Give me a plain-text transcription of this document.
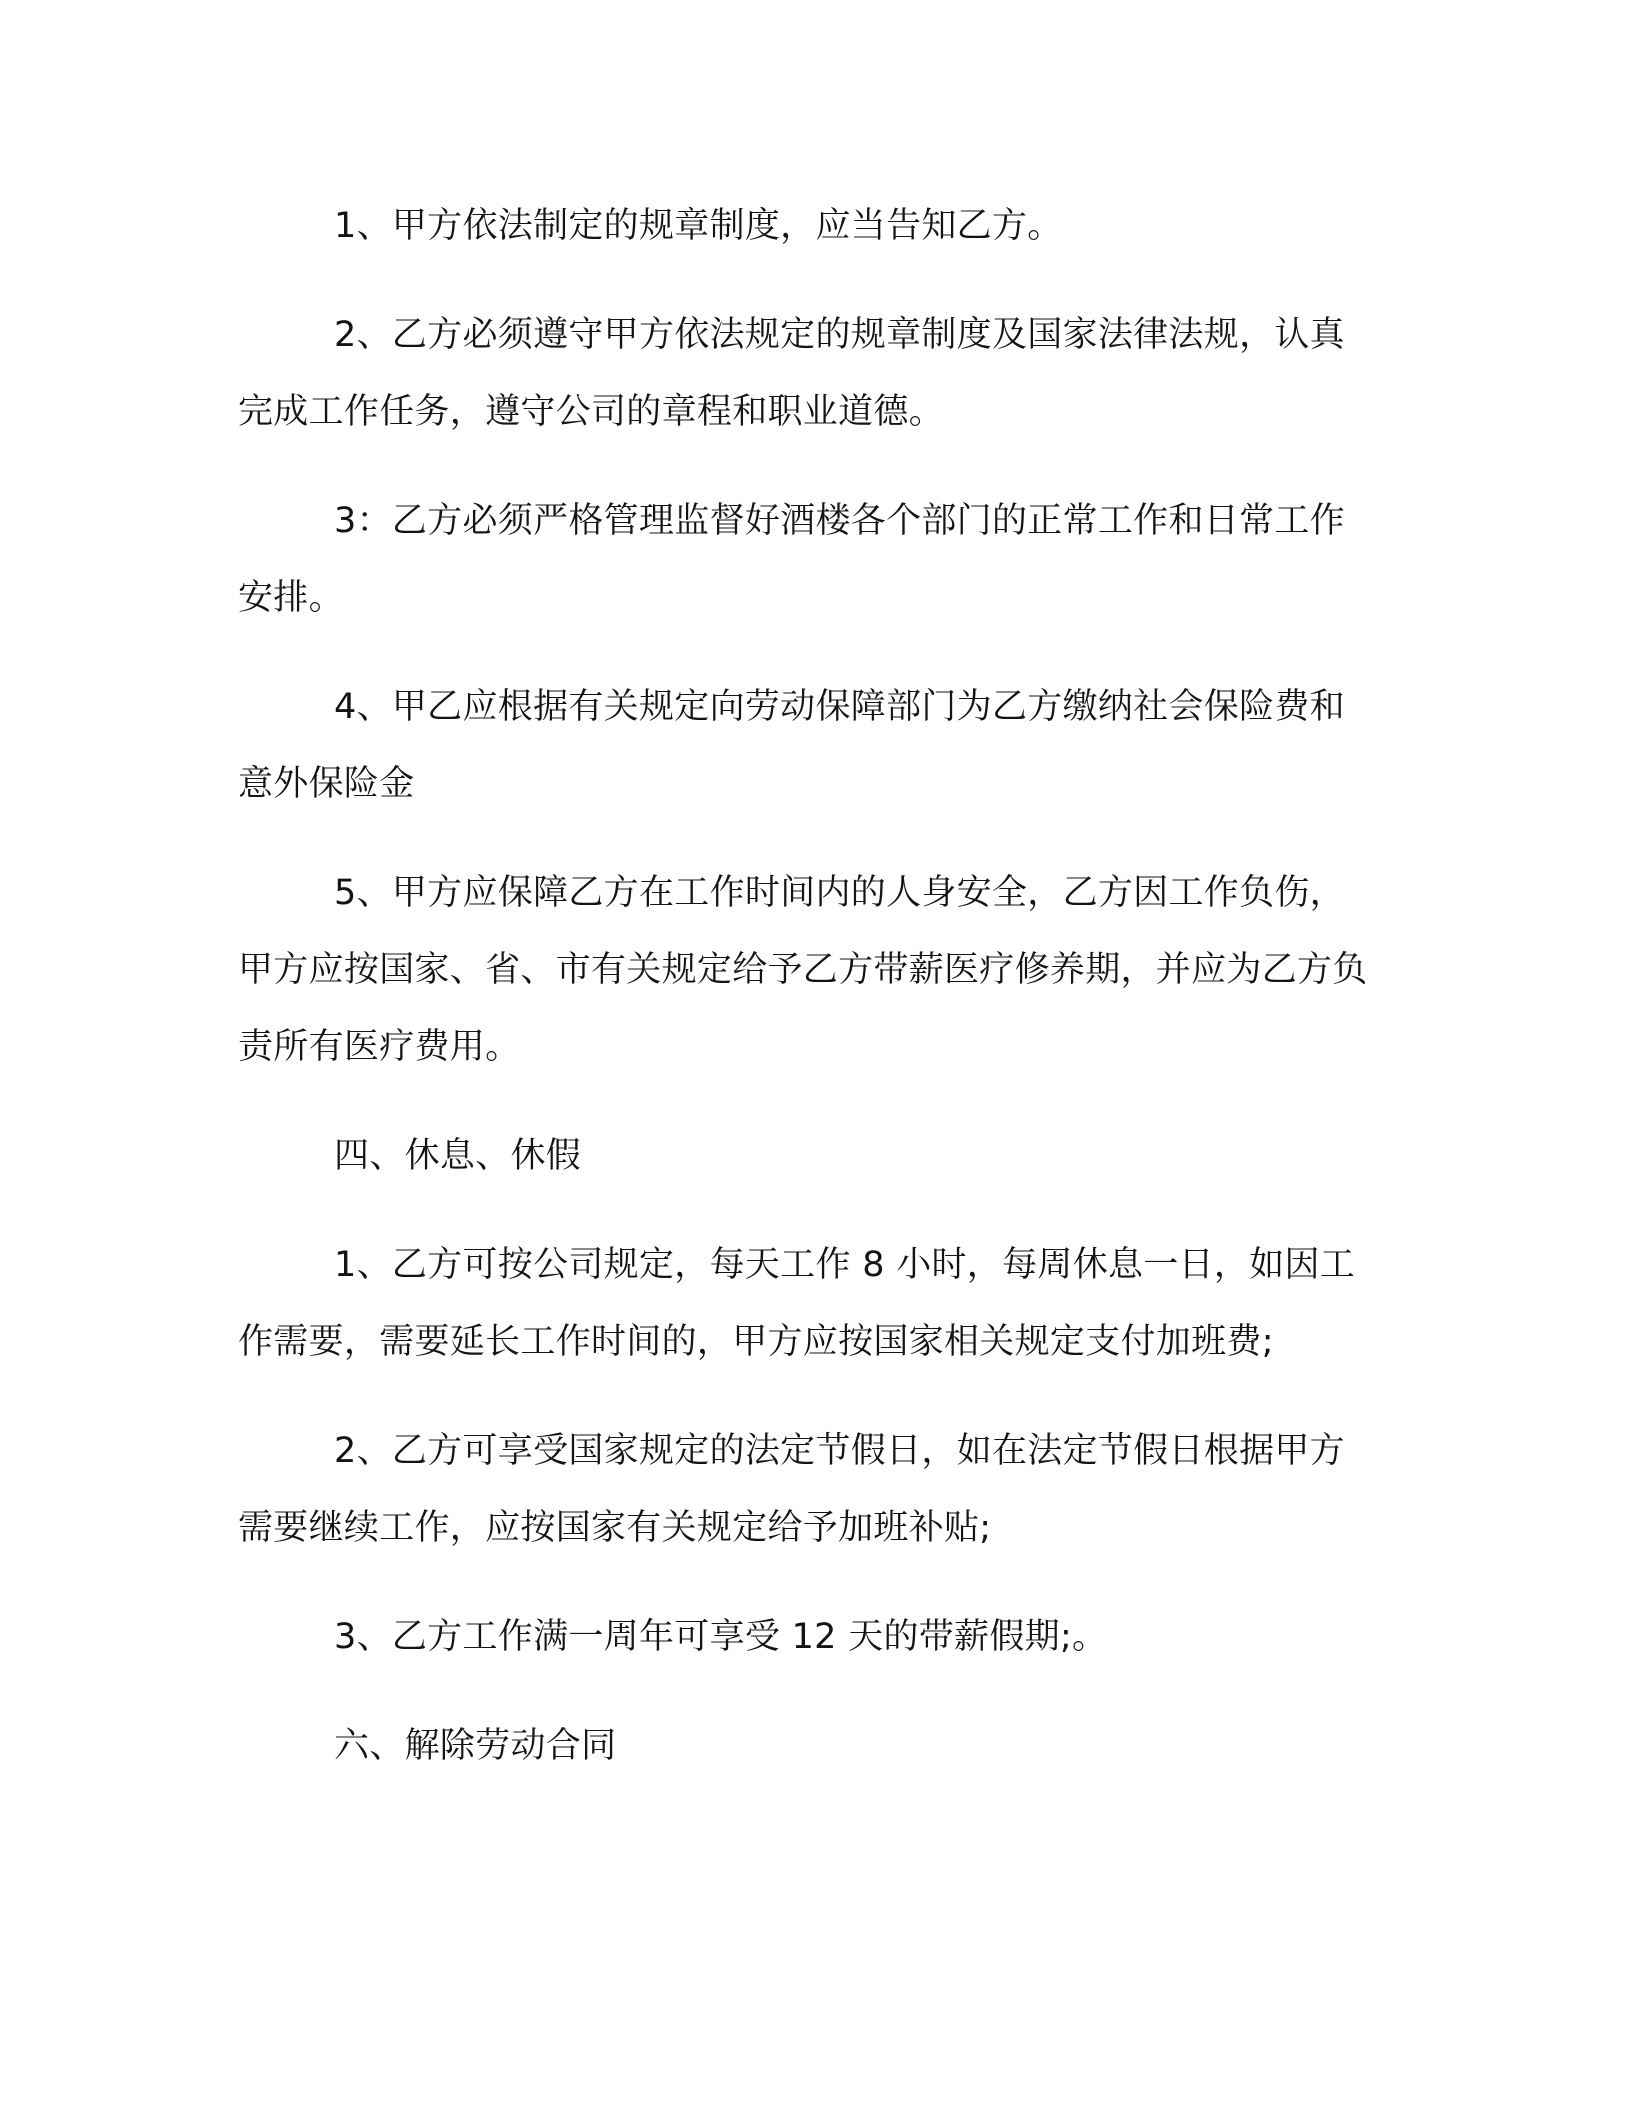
1、甲方依法制定的规章制度，应当告知乙方。

2、乙方必须遵守甲方依法规定的规章制度及国家法律法规，认真完成工作任务，遵守公司的章程和职业道德。

3：乙方必须严格管理监督好酒楼各个部门的正常工作和日常工作安排。

4、甲乙应根据有关规定向劳动保障部门为乙方缴纳社会保险费和意外保险金

5、甲方应保障乙方在工作时间内的人身安全，乙方因工作负伤，甲方应按国家、省、市有关规定给予乙方带薪医疗修养期，并应为乙方负责所有医疗费用。

四、休息、休假

1、乙方可按公司规定，每天工作 8 小时，每周休息一日，如因工作需要，需要延长工作时间的，甲方应按国家相关规定支付加班费;

2、乙方可享受国家规定的法定节假日，如在法定节假日根据甲方需要继续工作，应按国家有关规定给予加班补贴;

3、乙方工作满一周年可享受 12 天的带薪假期;。

六、解除劳动合同
